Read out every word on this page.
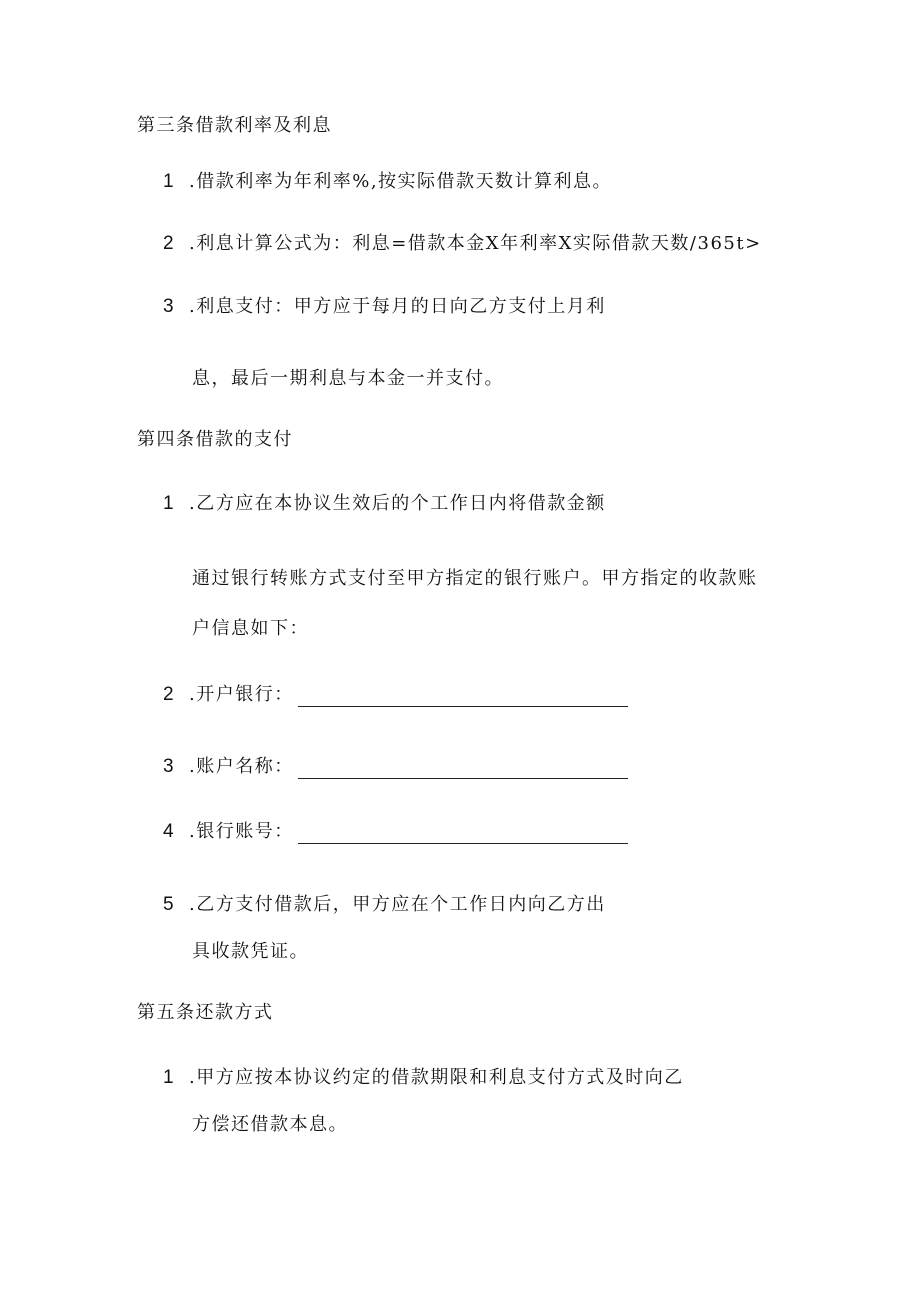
第三条借款利率及利息
1 .借款利率为年利率%,按实际借款天数计算利息。
2 .利息计算公式为：利息=借款本金X年利率X实际借款天数/365t>
3 .利息支付：甲方应于每月的日向乙方支付上月利
息，最后一期利息与本金一并支付。
第四条借款的支付
1 .乙方应在本协议生效后的个工作日内将借款金额
通过银行转账方式支付至甲方指定的银行账户。甲方指定的收款账
户信息如下：
2 .开户银行：
3 .账户名称：
4 .银行账号：
5 .乙方支付借款后，甲方应在个工作日内向乙方出
具收款凭证。
第五条还款方式
1 .甲方应按本协议约定的借款期限和利息支付方式及时向乙
方偿还借款本息。
